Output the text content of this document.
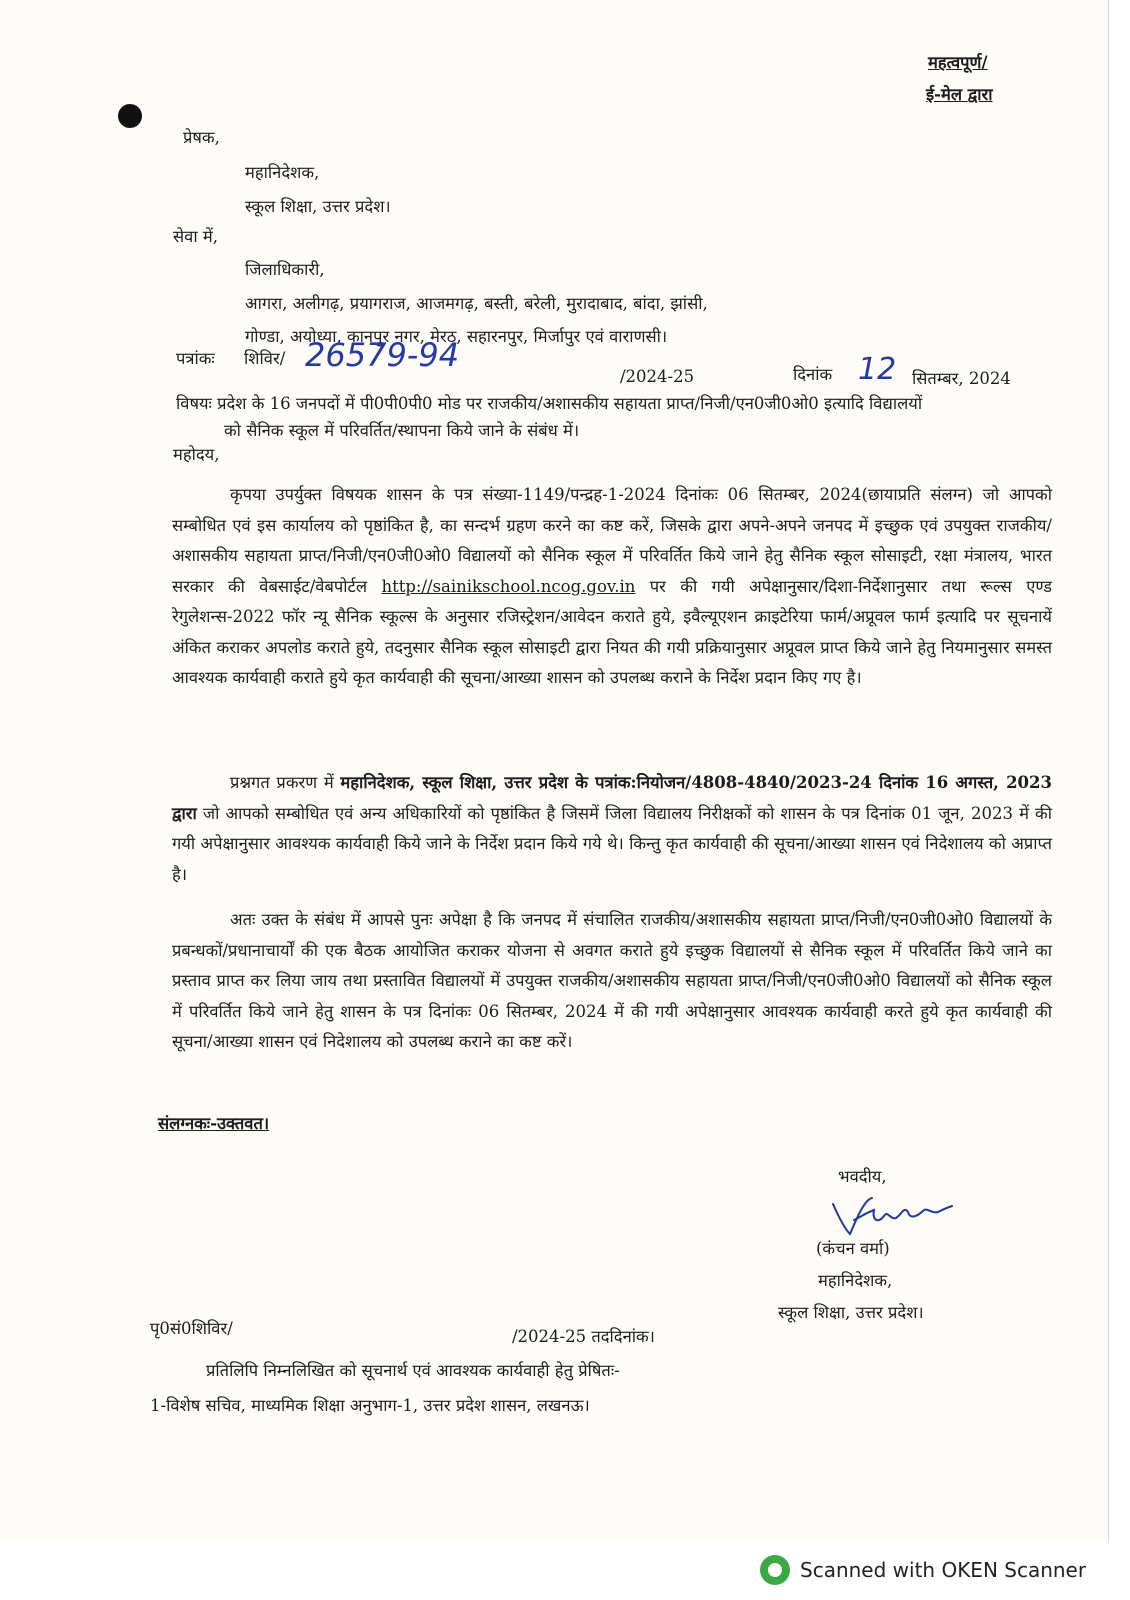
महत्वपूर्ण/
ई-मेल द्वारा
प्रेषक,
महानिदेशक,
स्कूल शिक्षा, उत्तर प्रदेश।
सेवा में,
जिलाधिकारी,
आगरा, अलीगढ़, प्रयागराज, आजमगढ़, बस्ती, बरेली, मुरादाबाद, बांदा, झांसी,
गोण्डा, अयोध्या, कानपुर नगर, मेरठ, सहारनपुर, मिर्जापुर एवं वाराणसी।
पत्रांकः शिविर/ 26579-94
/2024-25	दिनांक 12 सितम्बर, 2024
विषयः प्रदेश के 16 जनपदों में पी0पी0पी0 मोड पर राजकीय/अशासकीय सहायता प्राप्त/निजी/एन0जी0ओ0 इत्यादि विद्यालयों
को सैनिक स्कूल में परिवर्तित/स्थापना किये जाने के संबंध में।
महोदय,

कृपया उपर्युक्त विषयक शासन के पत्र संख्या-1149/पन्द्रह-1-2024 दिनांकः 06 सितम्बर, 2024(छायाप्रति संलग्न) जो आपको सम्बोधित एवं इस कार्यालय को पृष्ठांकित है, का सन्दर्भ ग्रहण करने का कष्ट करें, जिसके द्वारा अपने-अपने जनपद में इच्छुक एवं उपयुक्त राजकीय/अशासकीय सहायता प्राप्त/निजी/एन0जी0ओ0 विद्यालयों को सैनिक स्कूल में परिवर्तित किये जाने हेतु सैनिक स्कूल सोसाइटी, रक्षा मंत्रालय, भारत सरकार की वेबसाईट/वेबपोर्टल http://sainikschool.ncog.gov.in पर की गयी अपेक्षानुसार/दिशा-निर्देशानुसार तथा रूल्स एण्ड रेगुलेशन्स-2022 फॉर न्यू सैनिक स्कूल्स के अनुसार रजिस्ट्रेशन/आवेदन कराते हुये, इवैल्यूएशन क्राइटेरिया फार्म/अप्रूवल फार्म इत्यादि पर सूचनायें अंकित कराकर अपलोड कराते हुये, तदनुसार सैनिक स्कूल सोसाइटी द्वारा नियत की गयी प्रक्रियानुसार अप्रूवल प्राप्त किये जाने हेतु नियमानुसार समस्त आवश्यक कार्यवाही कराते हुये कृत कार्यवाही की सूचना/आख्या शासन को उपलब्ध कराने के निर्देश प्रदान किए गए है।

प्रश्नगत प्रकरण में महानिदेशक, स्कूल शिक्षा, उत्तर प्रदेश के पत्रांक:नियोजन/4808-4840/2023-24 दिनांक 16 अगस्त, 2023 द्वारा जो आपको सम्बोधित एवं अन्य अधिकारियों को पृष्ठांकित है जिसमें जिला विद्यालय निरीक्षकों को शासन के पत्र दिनांक 01 जून, 2023 में की गयी अपेक्षानुसार आवश्यक कार्यवाही किये जाने के निर्देश प्रदान किये गये थे। किन्तु कृत कार्यवाही की सूचना/आख्या शासन एवं निदेशालय को अप्राप्त है।

अतः उक्त के संबंध में आपसे पुनः अपेक्षा है कि जनपद में संचालित राजकीय/अशासकीय सहायता प्राप्त/निजी/एन0जी0ओ0 विद्यालयों के प्रबन्धकों/प्रधानाचार्यों की एक बैठक आयोजित कराकर योजना से अवगत कराते हुये इच्छुक विद्यालयों से सैनिक स्कूल में परिवर्तित किये जाने का प्रस्ताव प्राप्त कर लिया जाय तथा प्रस्तावित विद्यालयों में उपयुक्त राजकीय/अशासकीय सहायता प्राप्त/निजी/एन0जी0ओ0 विद्यालयों को सैनिक स्कूल में परिवर्तित किये जाने हेतु शासन के पत्र दिनांकः 06 सितम्बर, 2024 में की गयी अपेक्षानुसार आवश्यक कार्यवाही करते हुये कृत कार्यवाही की सूचना/आख्या शासन एवं निदेशालय को उपलब्ध कराने का कष्ट करें।

संलग्नकः-उक्तवत।
भवदीय,
(कंचन वर्मा)
महानिदेशक,
स्कूल शिक्षा, उत्तर प्रदेश।
पृ0सं0शिविर/	/2024-25 तददिनांक।
प्रतिलिपि निम्नलिखित को सूचनार्थ एवं आवश्यक कार्यवाही हेतु प्रेषितः-
1-विशेष सचिव, माध्यमिक शिक्षा अनुभाग-1, उत्तर प्रदेश शासन, लखनऊ।
Scanned with OKEN Scanner
